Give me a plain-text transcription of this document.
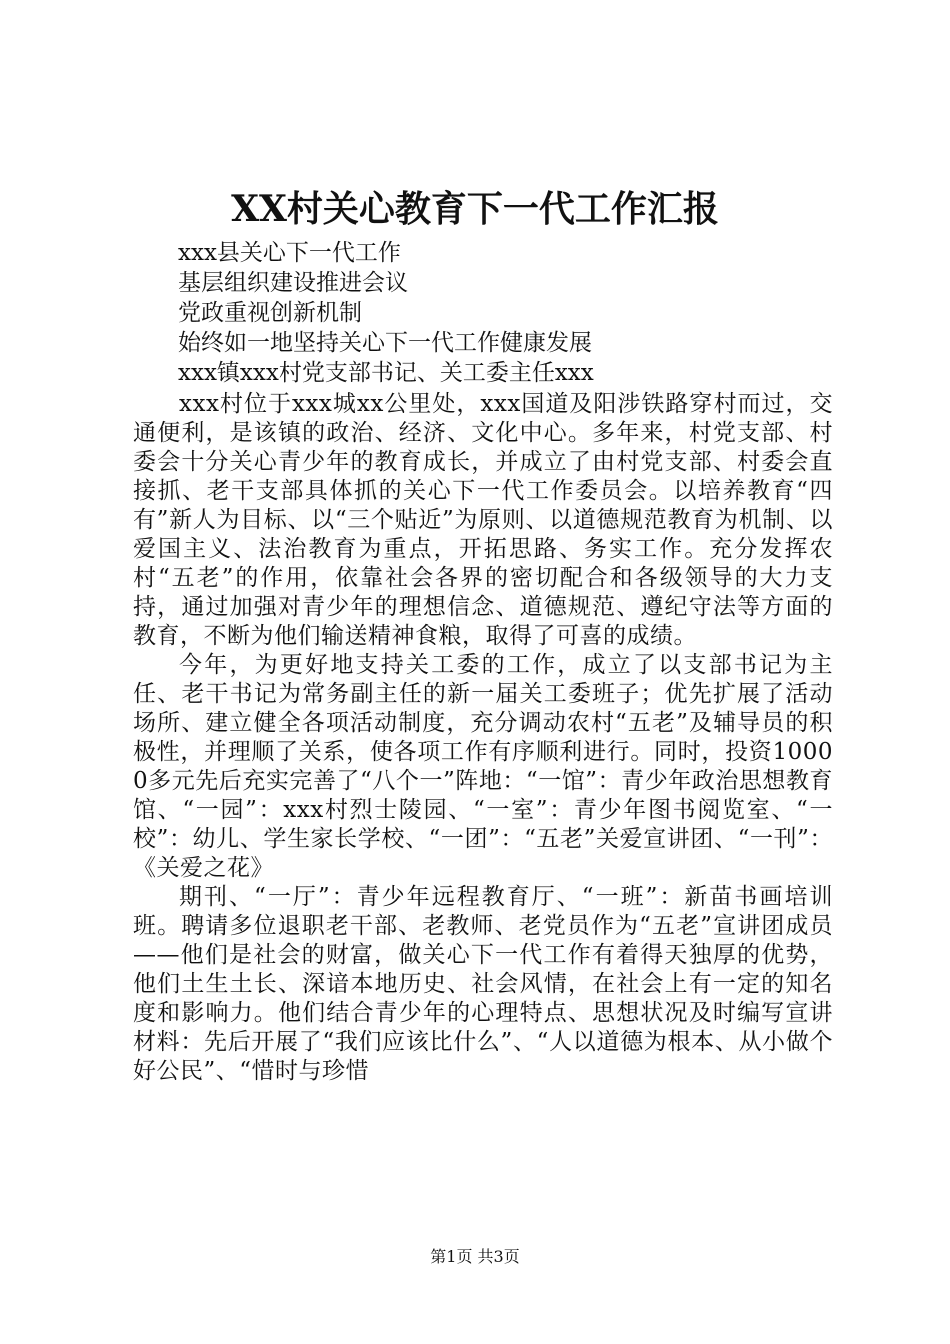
XX村关心教育下一代工作汇报

xxx县关心下一代工作

基层组织建设推进会议

党政重视创新机制

始终如一地坚持关心下一代工作健康发展

xxx镇xxx村党支部书记、关工委主任xxx

xxx村位于xxx城xx公里处，xxx国道及阳涉铁路穿村而过，交通便利，是该镇的政治、经济、文化中心。多年来，村党支部、村委会十分关心青少年的教育成长，并成立了由村党支部、村委会直接抓、老干支部具体抓的关心下一代工作委员会。以培养教育“四有”新人为目标、以“三个贴近”为原则、以道德规范教育为机制、以爱国主义、法治教育为重点，开拓思路、务实工作。充分发挥农村“五老”的作用，依靠社会各界的密切配合和各级领导的大力支持，通过加强对青少年的理想信念、道德规范、遵纪守法等方面的教育，不断为他们输送精神食粮，取得了可喜的成绩。

今年，为更好地支持关工委的工作，成立了以支部书记为主任、老干书记为常务副主任的新一届关工委班子；优先扩展了活动场所、建立健全各项活动制度，充分调动农村“五老”及辅导员的积极性，并理顺了关系，使各项工作有序顺利进行。同时，投资10000多元先后充实完善了“八个一”阵地：“一馆”：青少年政治思想教育馆、“一园”：xxx村烈士陵园、“一室”：青少年图书阅览室、“一校”：幼儿、学生家长学校、“一团”：“五老”关爱宣讲团、“一刊”：《关爱之花》

期刊、“一厅”：青少年远程教育厅、“一班”：新苗书画培训班。聘请多位退职老干部、老教师、老党员作为“五老”宣讲团成员——他们是社会的财富，做关心下一代工作有着得天独厚的优势，他们土生土长、深谙本地历史、社会风情，在社会上有一定的知名度和影响力。他们结合青少年的心理特点、思想状况及时编写宣讲材料：先后开展了“我们应该比什么”、“人以道德为根本、从小做个好公民”、“惜时与珍惜

第1页 共3页
